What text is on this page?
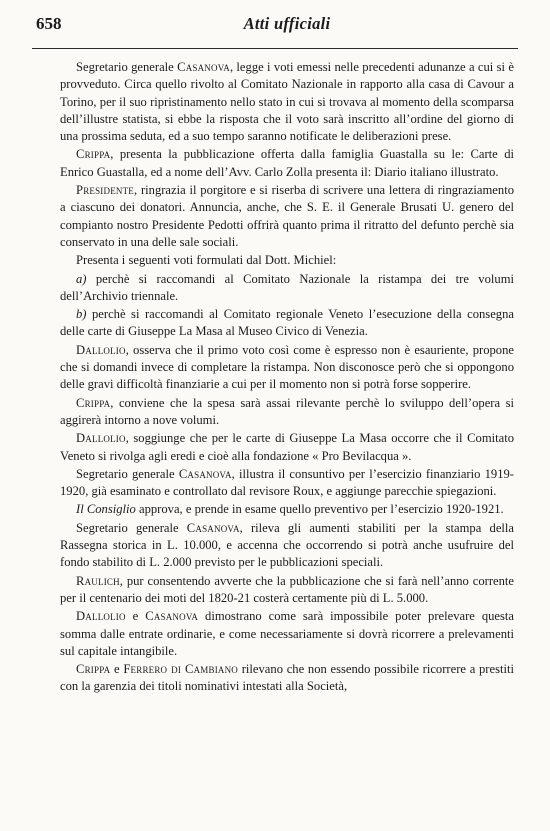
658	Atti ufficiali

Segretario generale Casanova, legge i voti emessi nelle precedenti adunanze a cui si è provveduto. Circa quello rivolto al Comitato Nazionale in rapporto alla casa di Cavour a Torino, per il suo ripristinamento nello stato in cui si trovava al momento della scomparsa dell’illustre statista, si ebbe la risposta che il voto sarà inscritto all’ordine del giorno di una prossima seduta, ed a suo tempo saranno notificate le deliberazioni prese.

Crippa, presenta la pubblicazione offerta dalla famiglia Guastalla su le: Carte di Enrico Guastalla, ed a nome dell’Avv. Carlo Zolla presenta il: Diario italiano illustrato.

Presidente, ringrazia il porgitore e si riserba di scrivere una lettera di ringraziamento a ciascuno dei donatori. Annuncia, anche, che S. E. il Generale Brusati U. genero del compianto nostro Presidente Pedotti offrirà quanto prima il ritratto del defunto perchè sia conservato in una delle sale sociali.

Presenta i seguenti voti formulati dal Dott. Michiel:

a) perchè si raccomandi al Comitato Nazionale la ristampa dei tre volumi dell’Archivio triennale.

b) perchè si raccomandi al Comitato regionale Veneto l’esecuzione della consegna delle carte di Giuseppe La Masa al Museo Civico di Venezia.

Dallolio, osserva che il primo voto così come è espresso non è esauriente, propone che si domandi invece di completare la ristampa. Non disconosce però che si oppongono delle gravi difficoltà finanziarie a cui per il momento non si potrà forse sopperire.

Crippa, conviene che la spesa sarà assai rilevante perchè lo sviluppo dell’opera si aggirerà intorno a nove volumi.

Dallolio, soggiunge che per le carte di Giuseppe La Masa occorre che il Comitato Veneto si rivolga agli eredi e cioè alla fondazione « Pro Bevilacqua ».

Segretario generale Casanova, illustra il consuntivo per l’esercizio finanziario 1919-1920, già esaminato e controllato dal revisore Roux, e aggiunge parecchie spiegazioni.

Il Consiglio approva, e prende in esame quello preventivo per l’esercizio 1920-1921.

Segretario generale Casanova, rileva gli aumenti stabiliti per la stampa della Rassegna storica in L. 10.000, e accenna che occorrendo si potrà anche usufruire del fondo stabilito di L. 2.000 previsto per le pubblicazioni speciali.

Raulich, pur consentendo avverte che la pubblicazione che si farà nell’anno corrente per il centenario dei moti del 1820-21 costerà certamente più di L. 5.000.

Dallolio e Casanova dimostrano come sarà impossibile poter prelevare questa somma dalle entrate ordinarie, e come necessariamente si dovrà ricorrere a prelevamenti sul capitale intangibile.

Crippa e Ferrero di Cambiano rilevano che non essendo possibile ricorrere a prestiti con la garenzia dei titoli nominativi intestati alla Società,
